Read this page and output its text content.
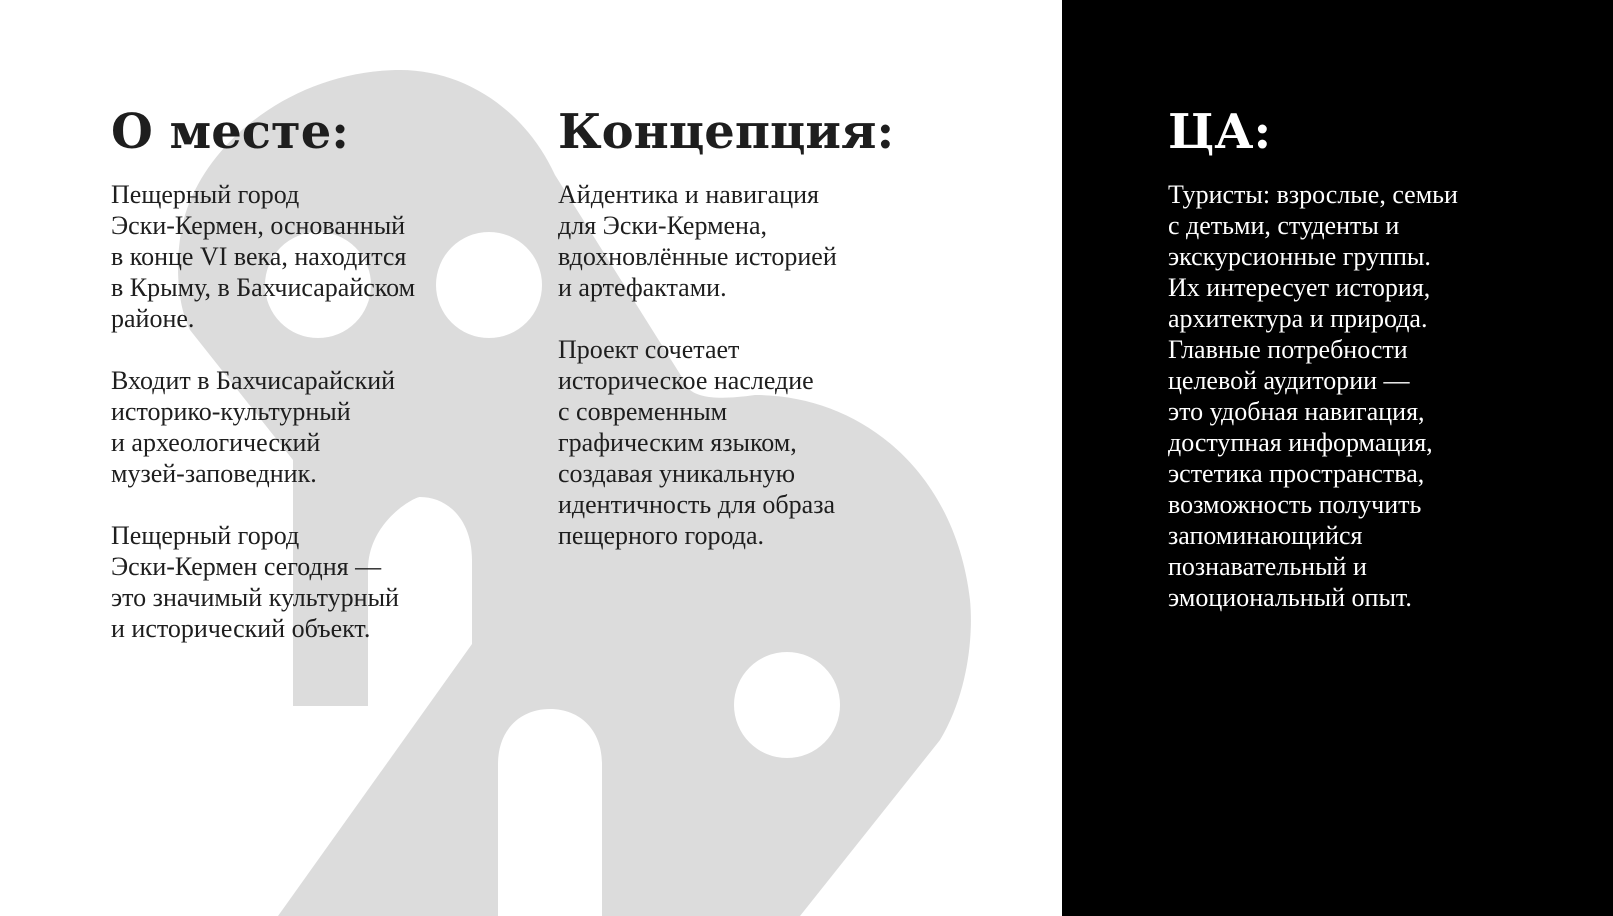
О месте:

Пещерный город
Эски-Кермен, основанный
в конце VI века, находится
в Крыму, в Бахчисарайском
районе.

Входит в Бахчисарайский
историко-культурный
и археологический
музей-заповедник.

Пещерный город
Эски-Кермен сегодня —
это значимый культурный
и исторический объект.

Концепция:

Айдентика и навигация
для Эски-Кермена,
вдохновлённые историей
и артефактами.

Проект сочетает
историческое наследие
с современным
графическим языком,
создавая уникальную
идентичность для образа
пещерного города.

ЦА:

Туристы: взрослые, семьи
с детьми, студенты и
экскурсионные группы.
Их интересует история,
архитектура и природа.
Главные потребности
целевой аудитории —
это удобная навигация,
доступная информация,
эстетика пространства,
возможность получить
запоминающийся
познавательный и
эмоциональный опыт.
